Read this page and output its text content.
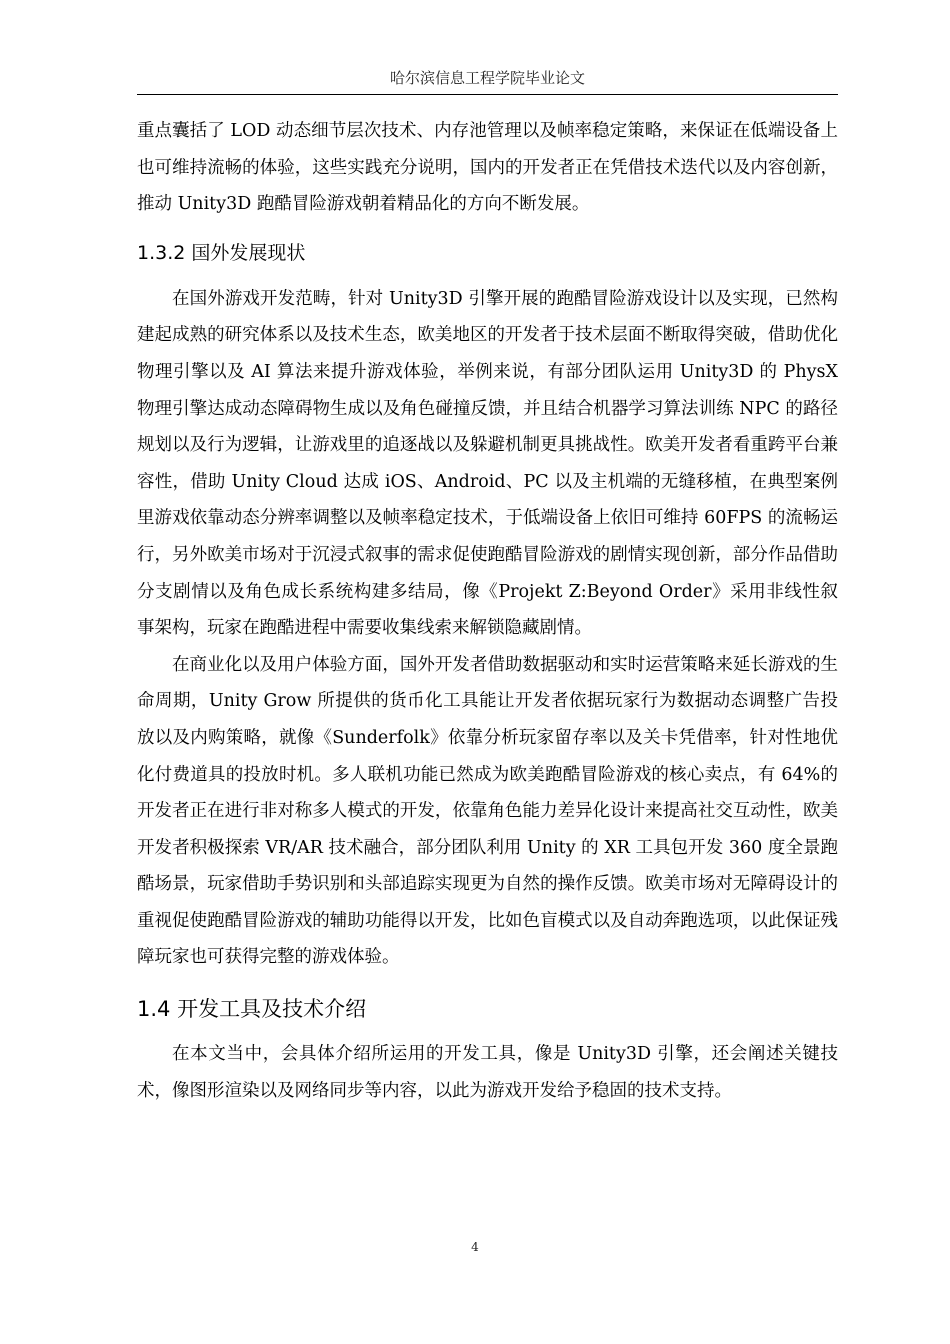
哈尔滨信息工程学院毕业论文

重点囊括了 LOD 动态细节层次技术、内存池管理以及帧率稳定策略，来保证在低端设备上也可维持流畅的体验，这些实践充分说明，国内的开发者正在凭借技术迭代以及内容创新，推动 Unity3D 跑酷冒险游戏朝着精品化的方向不断发展。

1.3.2 国外发展现状

在国外游戏开发范畴，针对 Unity3D 引擎开展的跑酷冒险游戏设计以及实现，已然构建起成熟的研究体系以及技术生态，欧美地区的开发者于技术层面不断取得突破，借助优化物理引擎以及 AI 算法来提升游戏体验，举例来说，有部分团队运用 Unity3D 的 PhysX 物理引擎达成动态障碍物生成以及角色碰撞反馈，并且结合机器学习算法训练 NPC 的路径规划以及行为逻辑，让游戏里的追逐战以及躲避机制更具挑战性。欧美开发者看重跨平台兼容性，借助 Unity Cloud 达成 iOS、Android、PC 以及主机端的无缝移植，在典型案例里游戏依靠动态分辨率调整以及帧率稳定技术，于低端设备上依旧可维持 60FPS 的流畅运行，另外欧美市场对于沉浸式叙事的需求促使跑酷冒险游戏的剧情实现创新，部分作品借助分支剧情以及角色成长系统构建多结局，像《Projekt Z:Beyond Order》采用非线性叙事架构，玩家在跑酷进程中需要收集线索来解锁隐藏剧情。

在商业化以及用户体验方面，国外开发者借助数据驱动和实时运营策略来延长游戏的生命周期，Unity Grow 所提供的货币化工具能让开发者依据玩家行为数据动态调整广告投放以及内购策略，就像《Sunderfolk》依靠分析玩家留存率以及关卡凭借率，针对性地优化付费道具的投放时机。多人联机功能已然成为欧美跑酷冒险游戏的核心卖点，有 64%的开发者正在进行非对称多人模式的开发，依靠角色能力差异化设计来提高社交互动性，欧美开发者积极探索 VR/AR 技术融合，部分团队利用 Unity 的 XR 工具包开发 360 度全景跑酷场景，玩家借助手势识别和头部追踪实现更为自然的操作反馈。欧美市场对无障碍设计的重视促使跑酷冒险游戏的辅助功能得以开发，比如色盲模式以及自动奔跑选项，以此保证残障玩家也可获得完整的游戏体验。

1.4 开发工具及技术介绍

在本文当中，会具体介绍所运用的开发工具，像是 Unity3D 引擎，还会阐述关键技术，像图形渲染以及网络同步等内容，以此为游戏开发给予稳固的技术支持。

4
